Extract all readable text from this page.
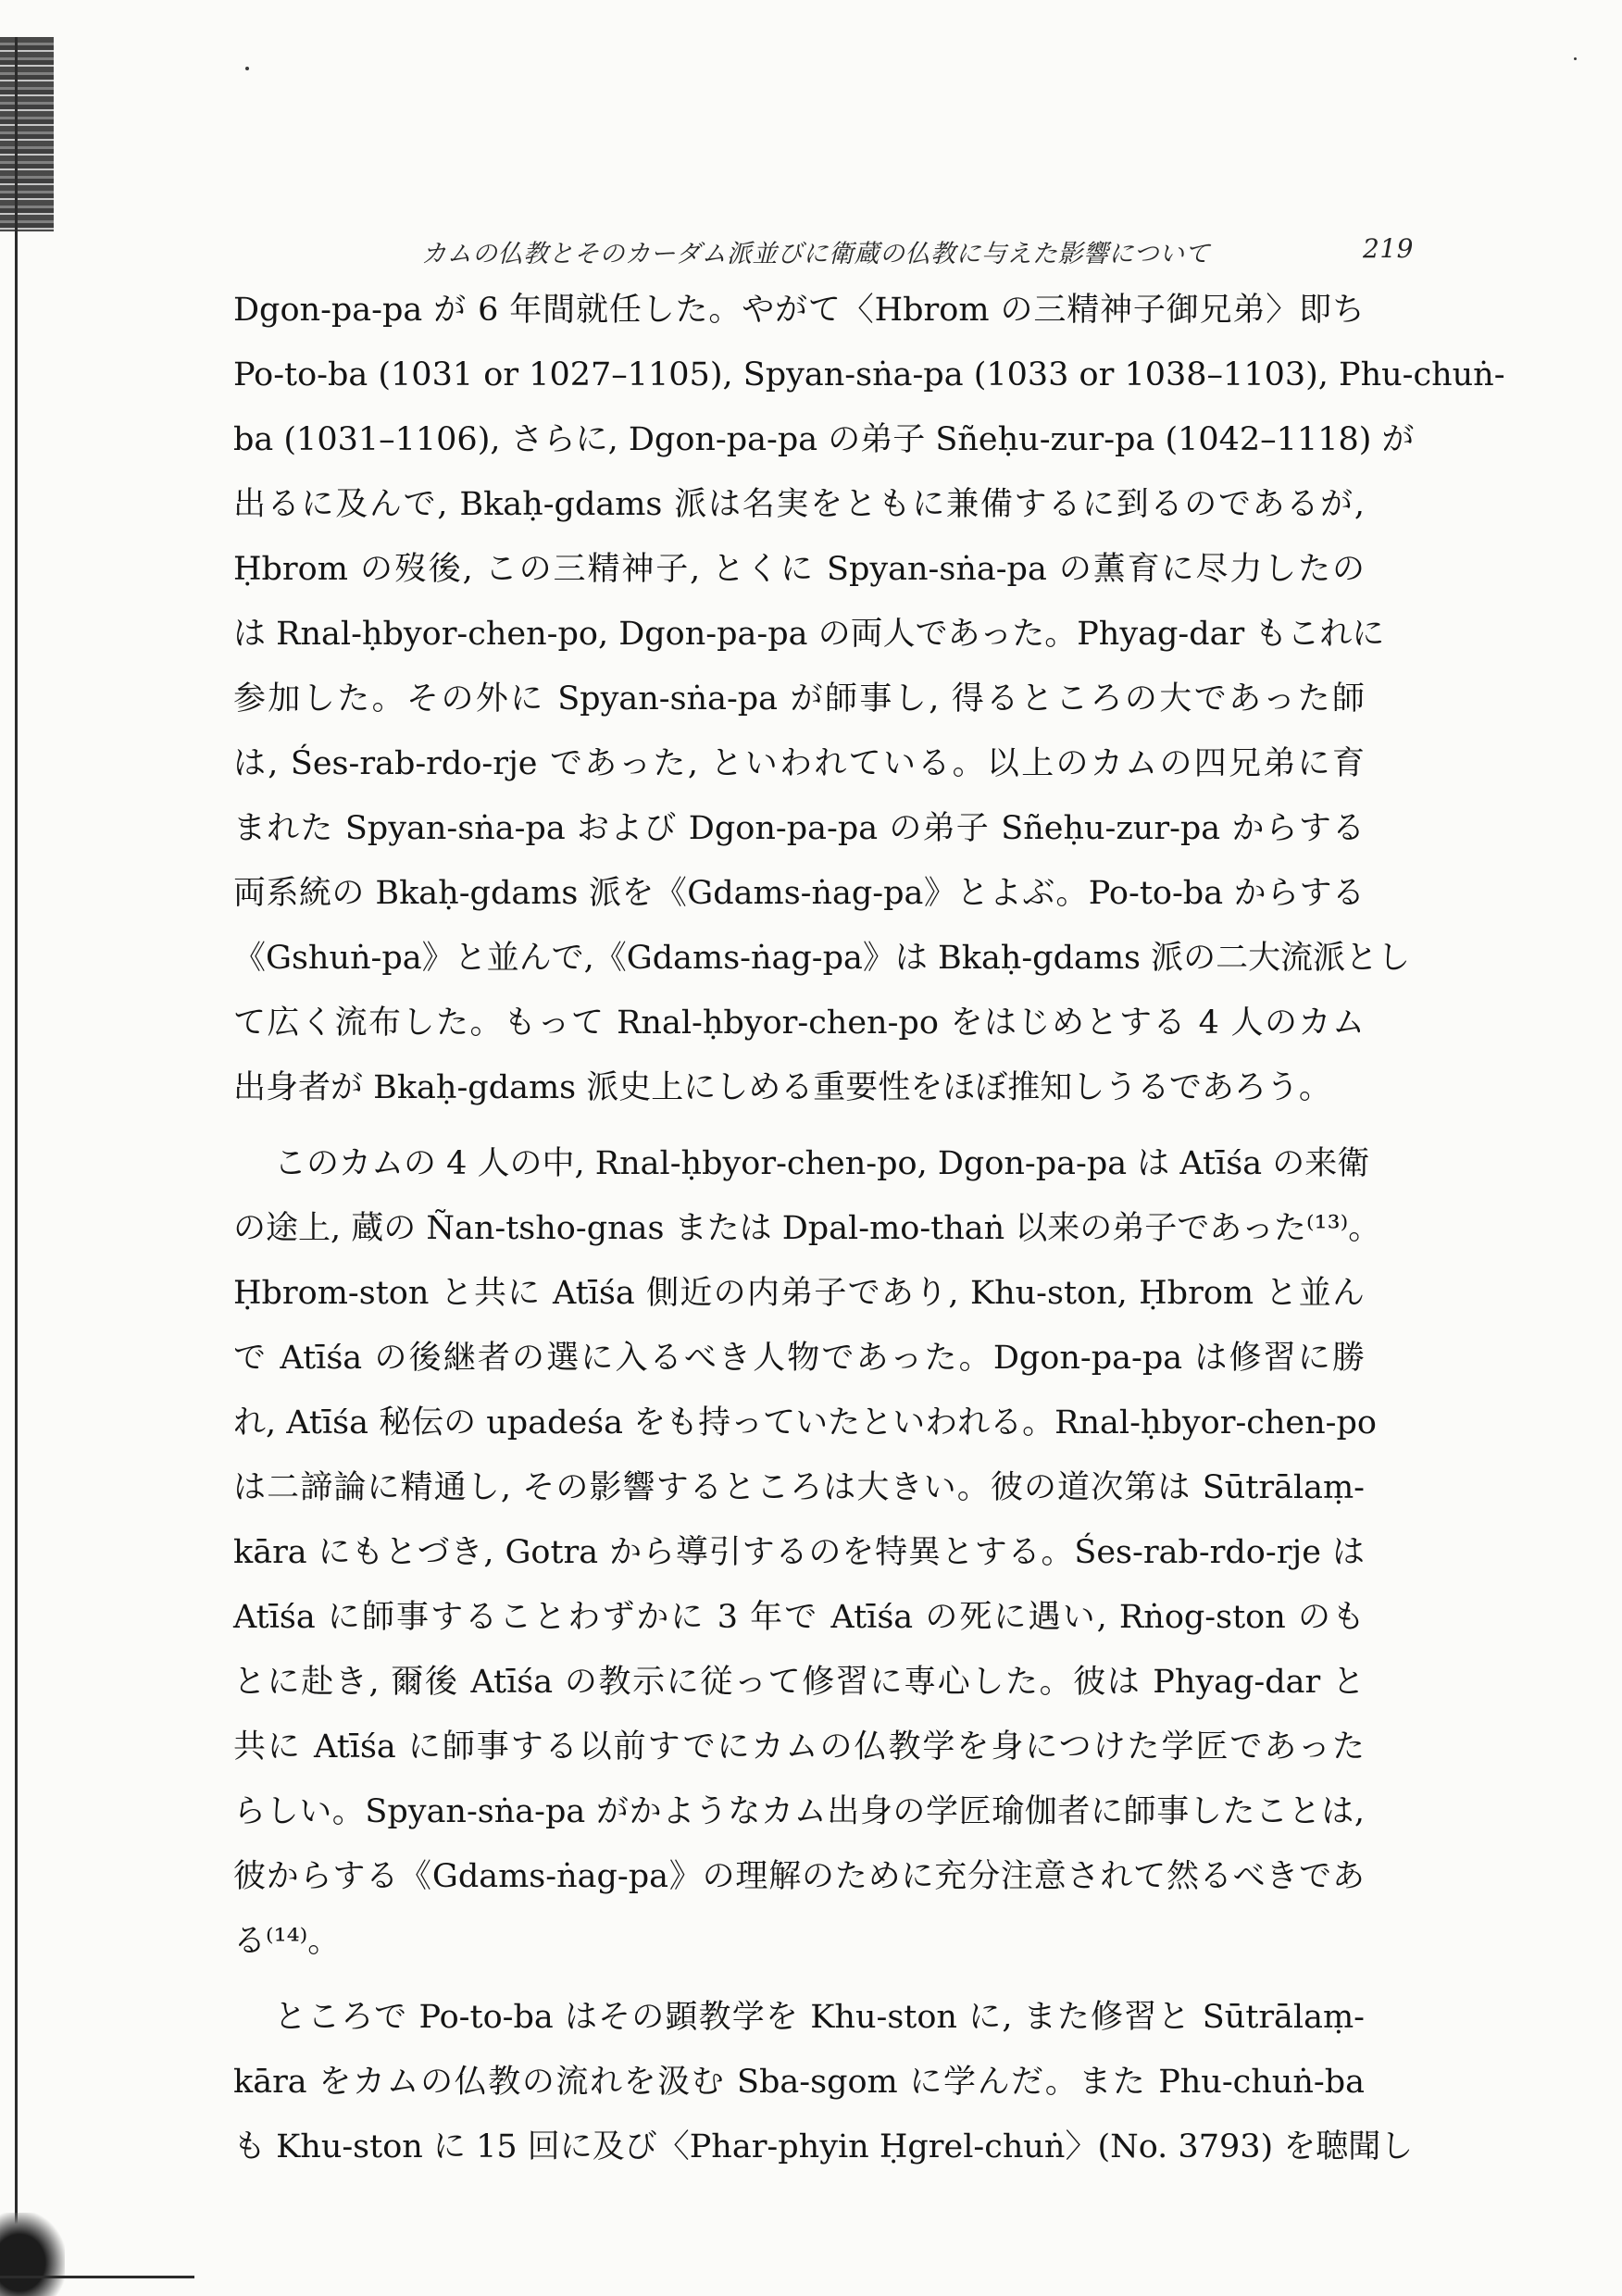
カムの仏教とそのカーダム派並びに衛蔵の仏教に与えた影響について	219
Dgon-pa-pa が 6 年間就任した。やがて〈Hbrom の三精神子御兄弟〉即ち
Po-to-ba (1031 or 1027–1105), Spyan-sṅa-pa (1033 or 1038–1103), Phu-chuṅ-
ba (1031–1106), さらに, Dgon-pa-pa の弟子 Sñeḥu-zur-pa (1042–1118) が
出るに及んで, Bkaḥ-gdams 派は名実をともに兼備するに到るのであるが,
Ḥbrom の歿後, この三精神子, とくに Spyan-sṅa-pa の薫育に尽力したの
は Rnal-ḥbyor-chen-po, Dgon-pa-pa の両人であった。Phyag-dar もこれに
参加した。その外に Spyan-sṅa-pa が師事し, 得るところの大であった師
は, Śes-rab-rdo-rje であった, といわれている。以上のカムの四兄弟に育
まれた Spyan-sṅa-pa および Dgon-pa-pa の弟子 Sñeḥu-zur-pa からする
両系統の Bkaḥ-gdams 派を《Gdams-ṅag-pa》とよぶ。Po-to-ba からする
《Gshuṅ-pa》と並んで,《Gdams-ṅag-pa》は Bkaḥ-gdams 派の二大流派とし
て広く流布した。もって Rnal-ḥbyor-chen-po をはじめとする 4 人のカム
出身者が Bkaḥ-gdams 派史上にしめる重要性をほぼ推知しうるであろう。
このカムの 4 人の中, Rnal-ḥbyor-chen-po, Dgon-pa-pa は Atīśa の来衛
の途上, 蔵の Ñan-tsho-gnas または Dpal-mo-thaṅ 以来の弟子であった⁽¹³⁾。
Ḥbrom-ston と共に Atīśa 側近の内弟子であり, Khu-ston, Ḥbrom と並ん
で Atīśa の後継者の選に入るべき人物であった。Dgon-pa-pa は修習に勝
れ, Atīśa 秘伝の upadeśa をも持っていたといわれる。Rnal-ḥbyor-chen-po
は二諦論に精通し, その影響するところは大きい。彼の道次第は Sūtrālaṃ-
kāra にもとづき, Gotra から導引するのを特異とする。Śes-rab-rdo-rje は
Atīśa に師事することわずかに 3 年で Atīśa の死に遇い, Rṅog-ston のも
とに赴き, 爾後 Atīśa の教示に従って修習に専心した。彼は Phyag-dar と
共に Atīśa に師事する以前すでにカムの仏教学を身につけた学匠であった
らしい。Spyan-sṅa-pa がかようなカム出身の学匠瑜伽者に師事したことは,
彼からする《Gdams-ṅag-pa》の理解のために充分注意されて然るべきであ
る⁽¹⁴⁾。
ところで Po-to-ba はその顕教学を Khu-ston に, また修習と Sūtrālaṃ-
kāra をカムの仏教の流れを汲む Sba-sgom に学んだ。また Phu-chuṅ-ba
も Khu-ston に 15 回に及び〈Phar-phyin Ḥgrel-chuṅ〉(No. 3793) を聴聞し
